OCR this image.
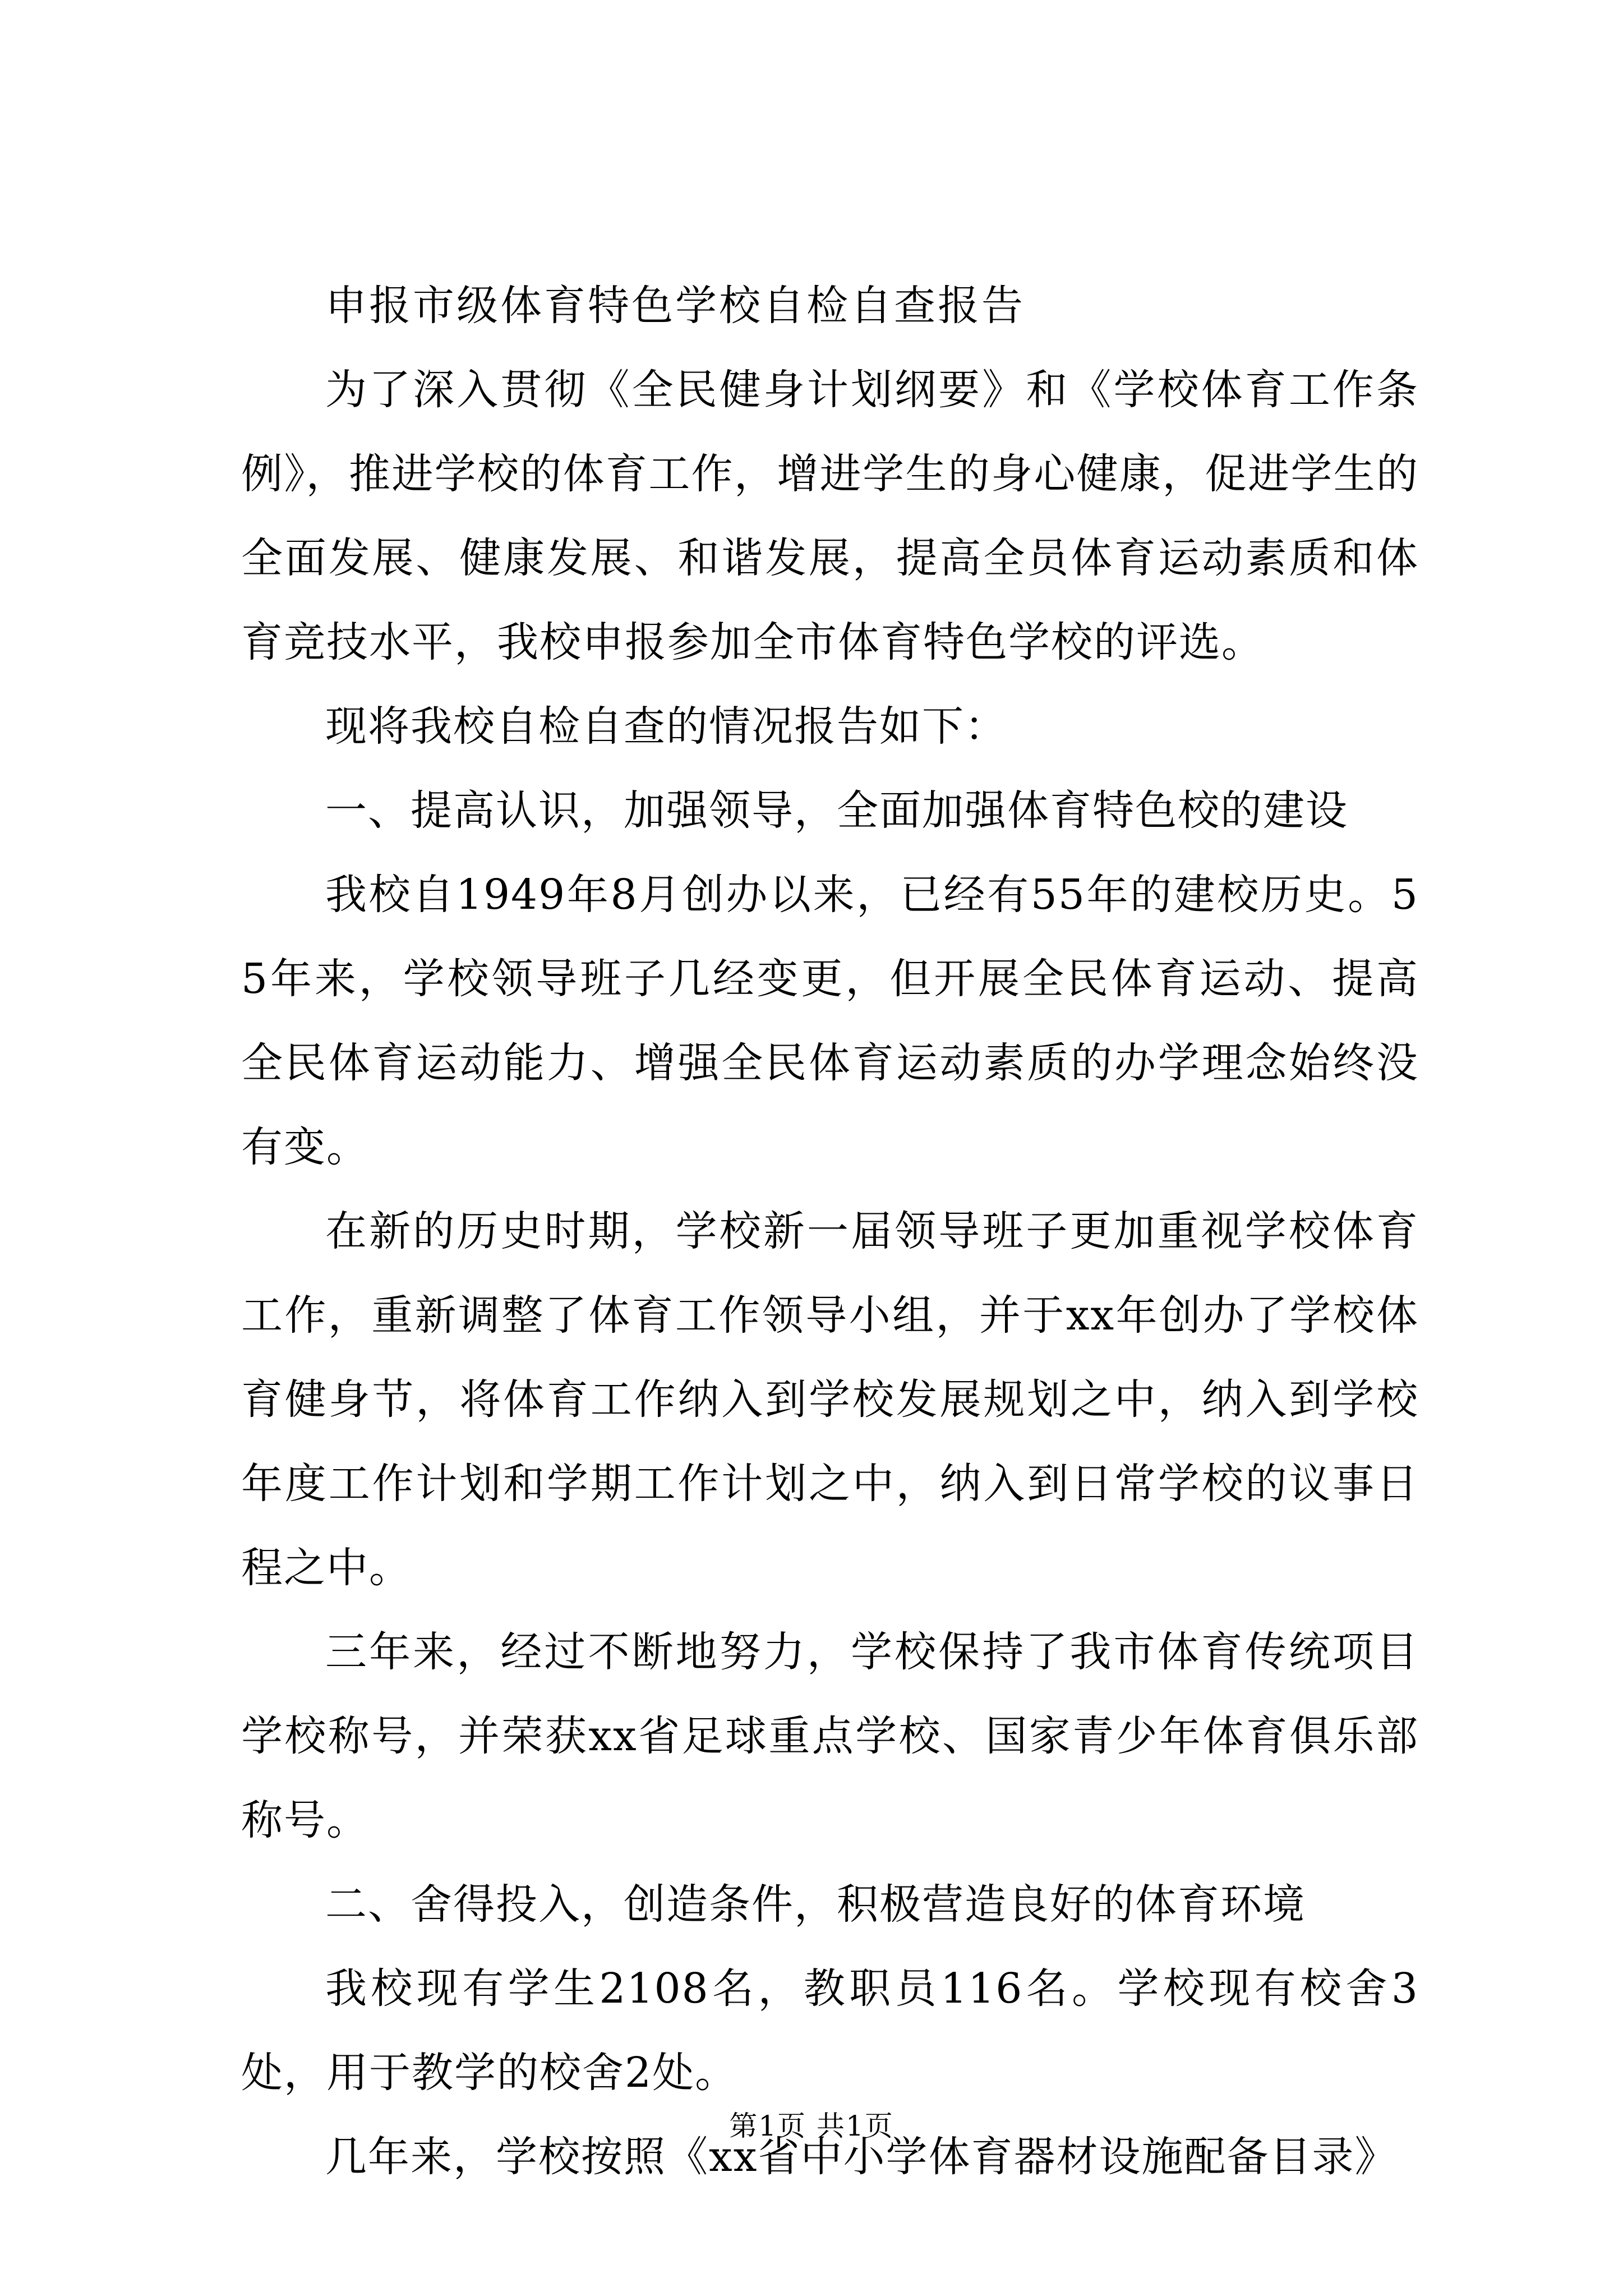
申报市级体育特色学校自检自查报告

为了深入贯彻《全民健身计划纲要》和《学校体育工作条例》，推进学校的体育工作，增进学生的身心健康，促进学生的全面发展、健康发展、和谐发展，提高全员体育运动素质和体育竞技水平，我校申报参加全市体育特色学校的评选。

现将我校自检自查的情况报告如下：

一、提高认识，加强领导，全面加强体育特色校的建设

我校自1949年8月创办以来，已经有55年的建校历史。55年来，学校领导班子几经变更，但开展全民体育运动、提高全民体育运动能力、增强全民体育运动素质的办学理念始终没有变。

在新的历史时期，学校新一届领导班子更加重视学校体育工作，重新调整了体育工作领导小组，并于xx年创办了学校体育健身节，将体育工作纳入到学校发展规划之中，纳入到学校年度工作计划和学期工作计划之中，纳入到日常学校的议事日程之中。

三年来，经过不断地努力，学校保持了我市体育传统项目学校称号，并荣获xx省足球重点学校、国家青少年体育俱乐部称号。

二、舍得投入，创造条件，积极营造良好的体育环境

我校现有学生2108名，教职员116名。学校现有校舍3处，用于教学的校舍2处。

几年来，学校按照《xx省中小学体育器材设施配备目录》

第1页 共1页
